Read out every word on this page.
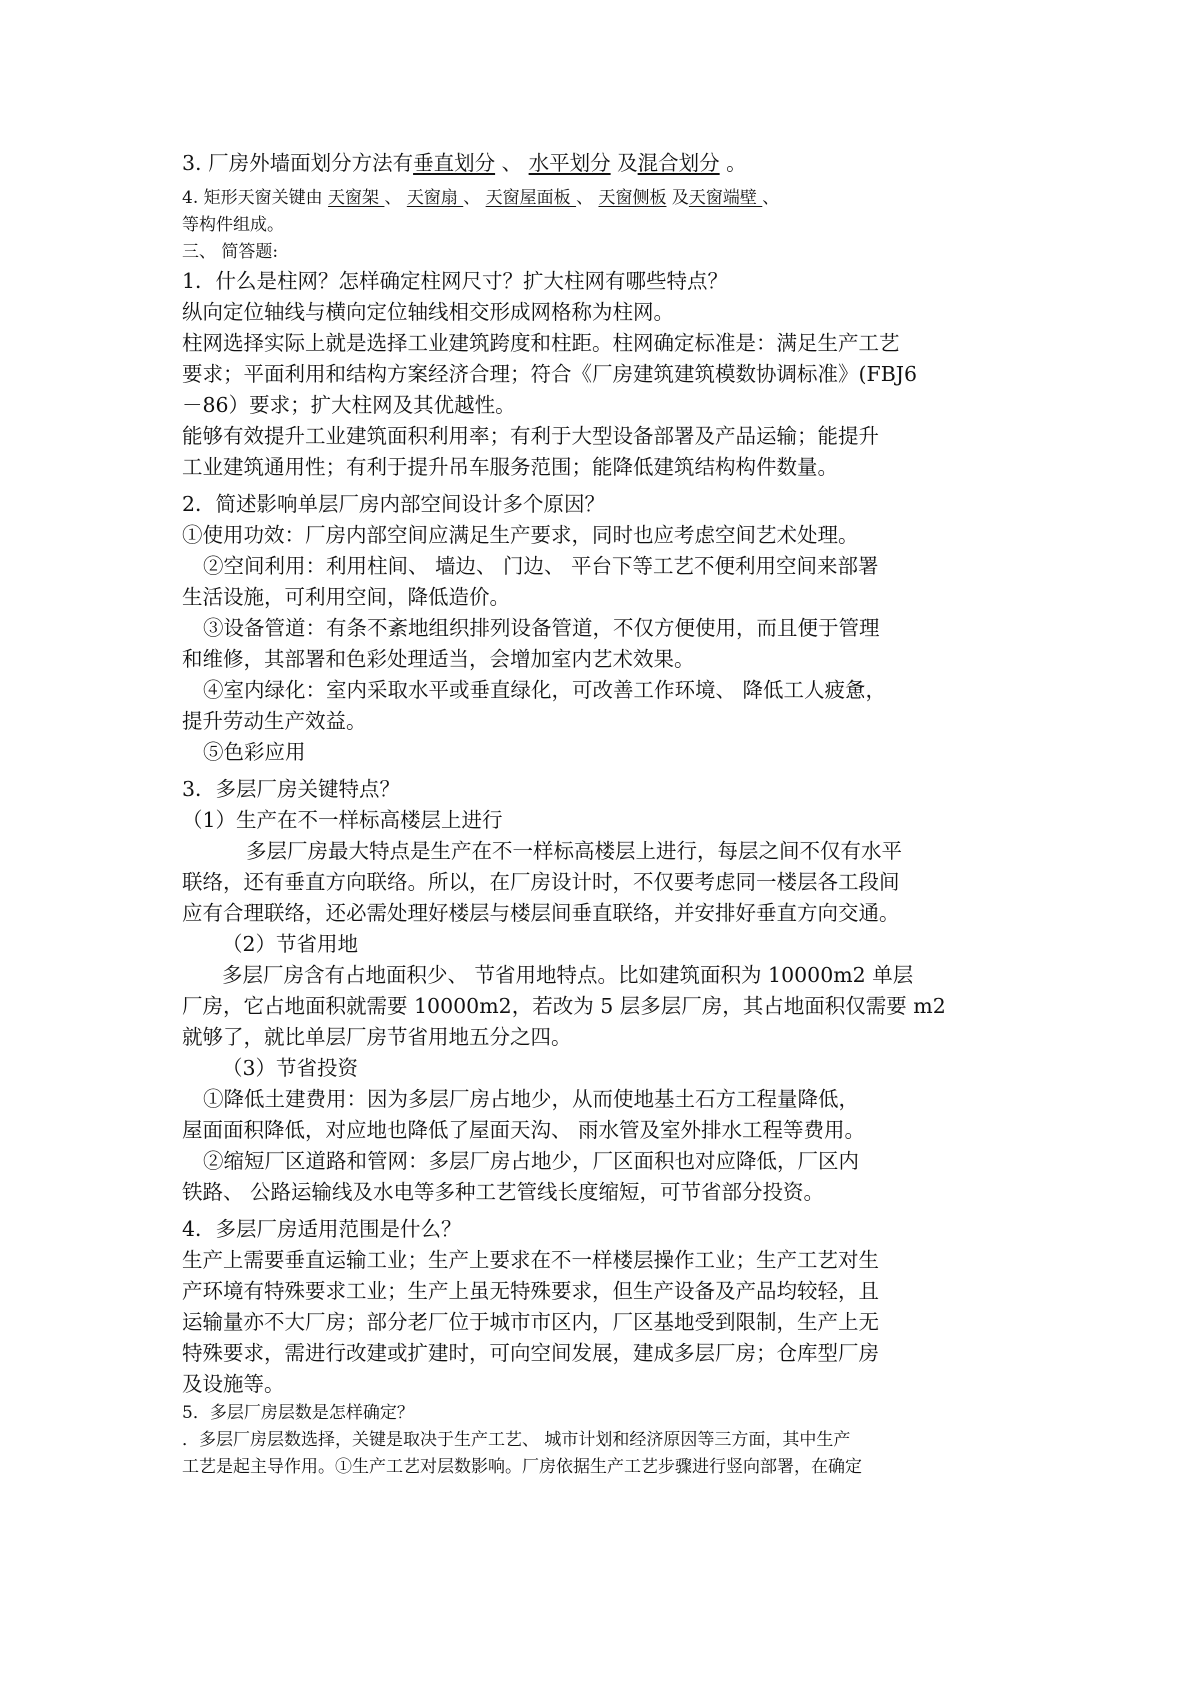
3. 厂房外墙面划分方法有垂直划分 、 水平划分 及混合划分 。
4. 矩形天窗关键由 天窗架 、 天窗扇 、 天窗屋面板 、 天窗侧板 及天窗端壁 、
等构件组成。
三、 简答题:
1．什么是柱网？怎样确定柱网尺寸？扩大柱网有哪些特点？
纵向定位轴线与横向定位轴线相交形成网格称为柱网。
柱网选择实际上就是选择工业建筑跨度和柱距。柱网确定标准是：满足生产工艺
要求；平面利用和结构方案经济合理；符合《厂房建筑建筑模数协调标准》(FBJ6
－86）要求；扩大柱网及其优越性。
能够有效提升工业建筑面积利用率；有利于大型设备部署及产品运输；能提升
工业建筑通用性；有利于提升吊车服务范围；能降低建筑结构构件数量。
2．简述影响单层厂房内部空间设计多个原因？
①使用功效：厂房内部空间应满足生产要求，同时也应考虑空间艺术处理。
②空间利用：利用柱间、 墙边、 门边、 平台下等工艺不便利用空间来部署
生活设施，可利用空间，降低造价。
③设备管道：有条不紊地组织排列设备管道，不仅方便使用，而且便于管理
和维修，其部署和色彩处理适当，会增加室内艺术效果。
④室内绿化：室内采取水平或垂直绿化，可改善工作环境、 降低工人疲惫，
提升劳动生产效益。
⑤色彩应用
3．多层厂房关键特点？
（1）生产在不一样标高楼层上进行
多层厂房最大特点是生产在不一样标高楼层上进行，每层之间不仅有水平
联络，还有垂直方向联络。所以，在厂房设计时，不仅要考虑同一楼层各工段间
应有合理联络，还必需处理好楼层与楼层间垂直联络，并安排好垂直方向交通。
（2）节省用地
多层厂房含有占地面积少、 节省用地特点。比如建筑面积为 10000m2 单层
厂房，它占地面积就需要 10000m2，若改为 5 层多层厂房，其占地面积仅需要 m2
就够了，就比单层厂房节省用地五分之四。
（3）节省投资
①降低土建费用：因为多层厂房占地少，从而使地基土石方工程量降低，
屋面面积降低，对应地也降低了屋面天沟、 雨水管及室外排水工程等费用。
②缩短厂区道路和管网：多层厂房占地少，厂区面积也对应降低，厂区内
铁路、 公路运输线及水电等多种工艺管线长度缩短，可节省部分投资。
4．多层厂房适用范围是什么？
生产上需要垂直运输工业；生产上要求在不一样楼层操作工业；生产工艺对生
产环境有特殊要求工业；生产上虽无特殊要求，但生产设备及产品均较轻，且
运输量亦不大厂房；部分老厂位于城市市区内，厂区基地受到限制，生产上无
特殊要求，需进行改建或扩建时，可向空间发展，建成多层厂房；仓库型厂房
及设施等。
5．多层厂房层数是怎样确定？
．多层厂房层数选择，关键是取决于生产工艺、 城市计划和经济原因等三方面，其中生产
工艺是起主导作用。①生产工艺对层数影响。厂房依据生产工艺步骤进行竖向部署，在确定
